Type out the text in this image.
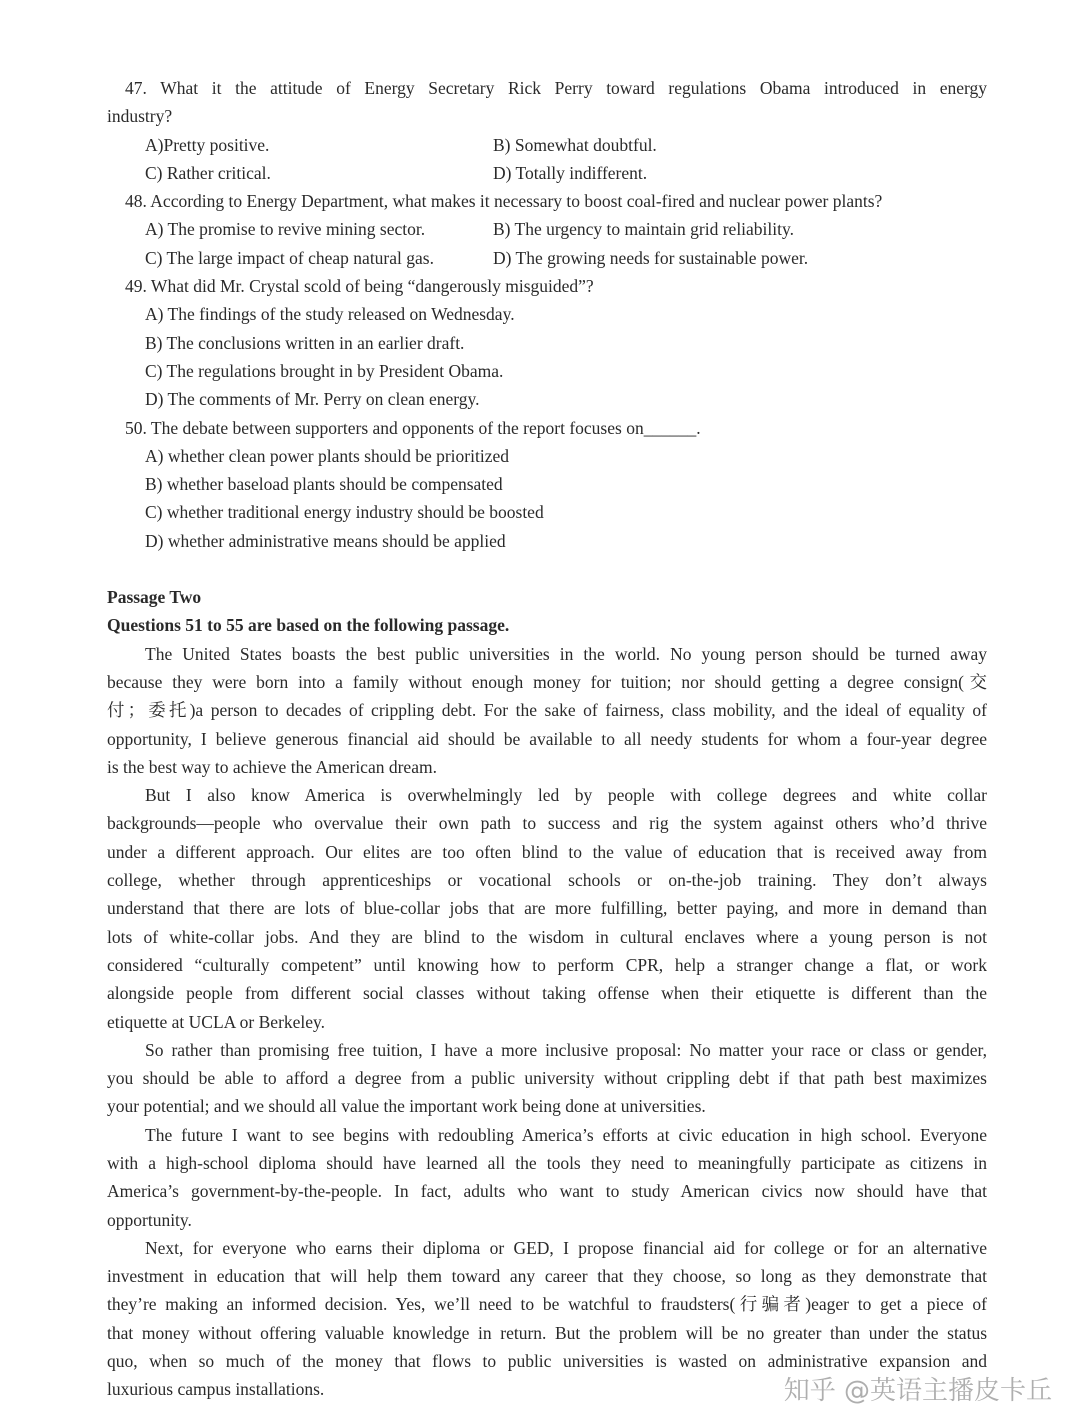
47. What it the attitude of Energy Secretary Rick Perry toward regulations Obama introduced in energy
industry?
A)Pretty positive.	B) Somewhat doubtful.
C) Rather critical.	D) Totally indifferent.
48. According to Energy Department, what makes it necessary to boost coal-fired and nuclear power plants?
A) The promise to revive mining sector.	B) The urgency to maintain grid reliability.
C) The large impact of cheap natural gas.	D) The growing needs for sustainable power.
49. What did Mr. Crystal scold of being “dangerously misguided”?
A) The findings of the study released on Wednesday.
B) The conclusions written in an earlier draft.
C) The regulations brought in by President Obama.
D) The comments of Mr. Perry on clean energy.
50. The debate between supporters and opponents of the report focuses on______.
A) whether clean power plants should be prioritized
B) whether baseload plants should be compensated
C) whether traditional energy industry should be boosted
D) whether administrative means should be applied
Passage Two
Questions 51 to 55 are based on the following passage.
The United States boasts the best public universities in the world. No young person should be turned away
because they were born into a family without enough money for tuition; nor should getting a degree consign(交
付；委托)a person to decades of crippling debt. For the sake of fairness, class mobility, and the ideal of equality of
opportunity, I believe generous financial aid should be available to all needy students for whom a four-year degree
is the best way to achieve the American dream.
But I also know America is overwhelmingly led by people with college degrees and white collar
backgrounds—people who overvalue their own path to success and rig the system against others who’d thrive
under a different approach. Our elites are too often blind to the value of education that is received away from
college, whether through apprenticeships or vocational schools or on-the-job training. They don’t always
understand that there are lots of blue-collar jobs that are more fulfilling, better paying, and more in demand than
lots of white-collar jobs. And they are blind to the wisdom in cultural enclaves where a young person is not
considered “culturally competent” until knowing how to perform CPR, help a stranger change a flat, or work
alongside people from different social classes without taking offense when their etiquette is different than the
etiquette at UCLA or Berkeley.
So rather than promising free tuition, I have a more inclusive proposal: No matter your race or class or gender,
you should be able to afford a degree from a public university without crippling debt if that path best maximizes
your potential; and we should all value the important work being done at universities.
The future I want to see begins with redoubling America’s efforts at civic education in high school. Everyone
with a high-school diploma should have learned all the tools they need to meaningfully participate as citizens in
America’s government-by-the-people. In fact, adults who want to study American civics now should have that
opportunity.
Next, for everyone who earns their diploma or GED, I propose financial aid for college or for an alternative
investment in education that will help them toward any career that they choose, so long as they demonstrate that
they’re making an informed decision. Yes, we’ll need to be watchful to fraudsters(行骗者)eager to get a piece of
that money without offering valuable knowledge in return. But the problem will be no greater than under the status
quo, when so much of the money that flows to public universities is wasted on administrative expansion and
luxurious campus installations.	知乎 @英语主播皮卡丘
